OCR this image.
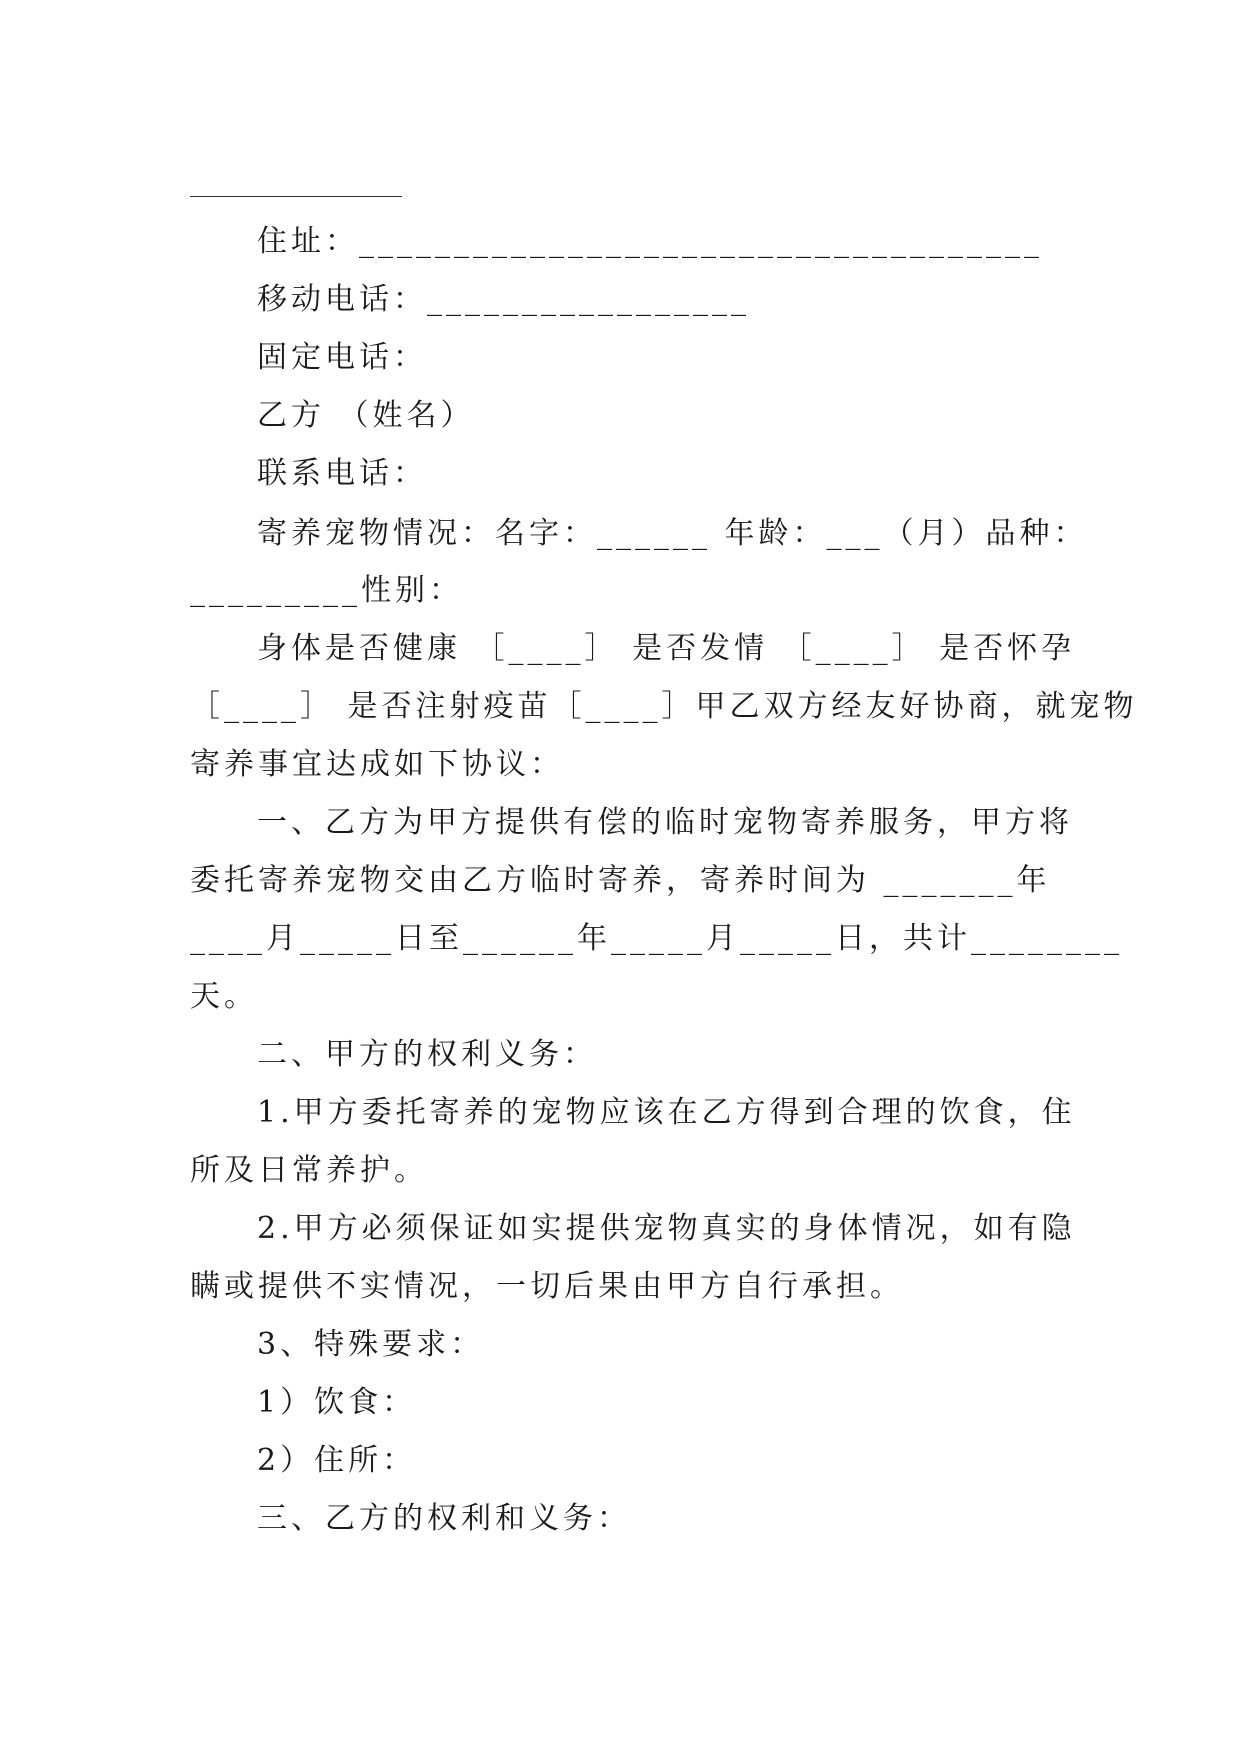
住址：____________________________________
移动电话：_________________
固定电话：
乙方 （姓名）
联系电话：
寄养宠物情况：名字：______ 年龄：___（月）品种：
_________性别：
身体是否健康 ［____］ 是否发情 ［____］ 是否怀孕
［____］ 是否注射疫苗［____］甲乙双方经友好协商，就宠物
寄养事宜达成如下协议：
一、乙方为甲方提供有偿的临时宠物寄养服务，甲方将
委托寄养宠物交由乙方临时寄养，寄养时间为 _______年
____月_____日至______年_____月_____日，共计________
天。
二、甲方的权利义务：
1.甲方委托寄养的宠物应该在乙方得到合理的饮食，住
所及日常养护。
2.甲方必须保证如实提供宠物真实的身体情况，如有隐
瞒或提供不实情况，一切后果由甲方自行承担。
3、特殊要求：
1）饮食：
2）住所：
三、乙方的权利和义务：
